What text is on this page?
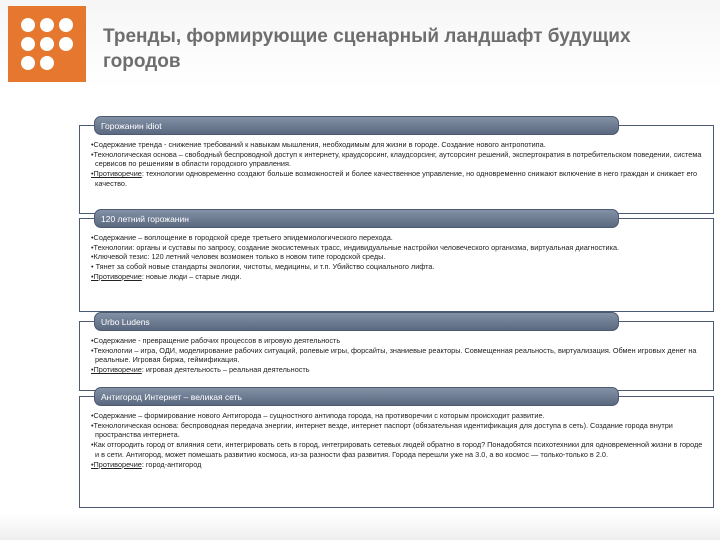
Тренды, формирующие сценарный ландшафт будущих городов
•Содержание тренда - снижение требований к навыкам мышления, необходимым для жизни в городе. Создание нового антропотипа.
•Технологическая основа – свободный беспроводной доступ к интернету, краудсорсинг, клаудсорсинг, аутсорсинг решений, экспертократия в потребительском поведении, система сервисов по решениям в области городского управления.
•Противоречие: технологии одновременно создают больше возможностей и более качественное управление, но одновременно снижают включение в него граждан и снижает его качество.
Горожанин idiot
•Содержание – воплощение в городской среде третьего эпидемиологического перехода.
•Технологии: органы и суставы по запросу, создание экосистемных трасс, индивидуальные настройки человеческого организма, виртуальная диагностика.
•Ключевой тезис: 120 летний человек возможен только в новом типе городской среды.
• Тянет за собой новые стандарты экологии, чистоты, медицины, и т.п. Убийство социального лифта.
•Противоречие: новые люди – старые люди.
120 летний горожанин
•Содержание - превращение рабочих процессов в игровую деятельность
•Технологии – игра, ОДИ, моделирование рабочих ситуаций, ролевые игры, форсайты, знаниевые реакторы. Совмещенная реальность, виртуализация. Обмен игровых денег на реальные. Игровая биржа, геймификация.
•Противоречие: игровая деятельность – реальная деятельность
Urbo Ludens
•Содержание – формирование нового Антигорода – сущностного антипода города, на противоречии с которым происходит развитие.
•Технологическая основа: беспроводная передача энергии, интернет везде, интернет паспорт (обязательная идентификация для доступа в сеть). Создание города внутри пространства интернета.
•Как отгородить город от влияния сети, интегрировать сеть в город, интегрировать сетевых людей обратно в город? Понадобятся психотехники для одновременной жизни в городе и в сети. Антигород, может помешать развитию космоса, из-за разности фаз развития. Города перешли уже на 3.0, а во космос — только-только в 2.0.
•Противоречие: город-антигород
Антигород Интернет – великая сеть
